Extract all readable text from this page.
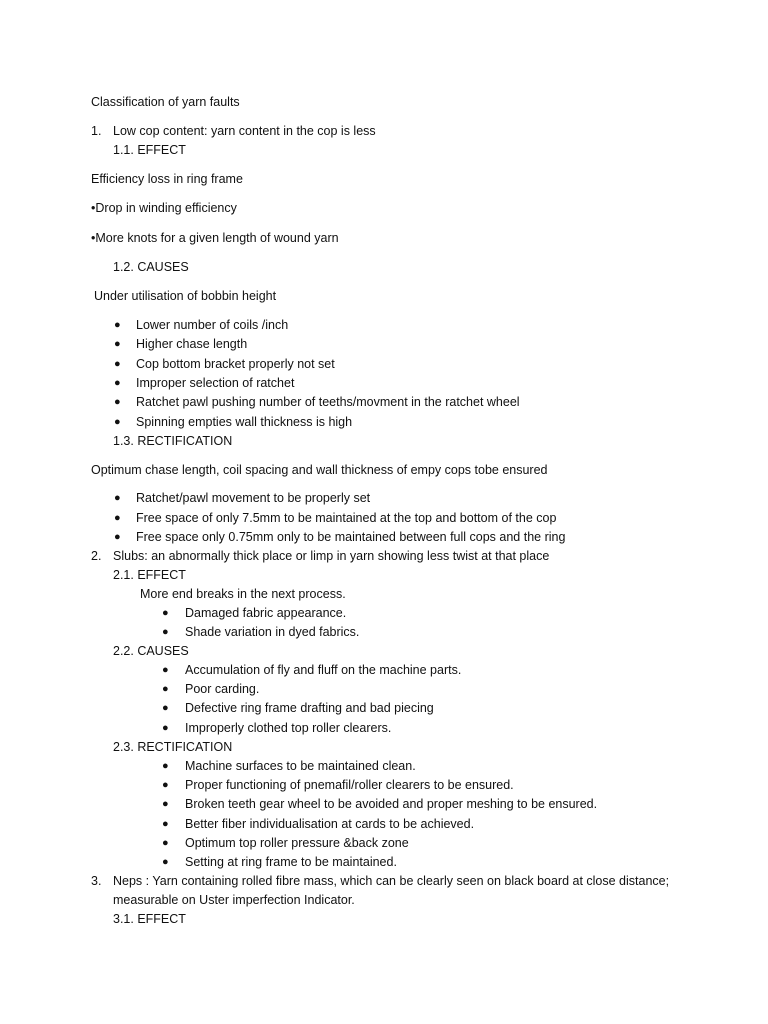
Classification of yarn faults
1. Low cop content: yarn content in the cop is less
1.1. EFFECT
Efficiency loss in ring frame
•Drop in winding efficiency
•More knots for a given length of wound yarn
1.2. CAUSES
Under utilisation of bobbin height
● Lower number of coils /inch
● Higher chase length
● Cop bottom bracket properly not set
● Improper selection of ratchet
● Ratchet pawl pushing number of teeths/movment in the ratchet wheel
● Spinning empties wall thickness is high
1.3. RECTIFICATION
Optimum chase length, coil spacing and wall thickness of empy cops tobe ensured
● Ratchet/pawl movement to be properly set
● Free space of only 7.5mm to be maintained at the top and bottom of the cop
● Free space only 0.75mm only to be maintained between full cops and the ring
2. Slubs: an abnormally thick place or limp in yarn showing less twist at that place
2.1. EFFECT
More end breaks in the next process.
● Damaged fabric appearance.
● Shade variation in dyed fabrics.
2.2. CAUSES
● Accumulation of fly and fluff on the machine parts.
● Poor carding.
● Defective ring frame drafting and bad piecing
● Improperly clothed top roller clearers.
2.3. RECTIFICATION
● Machine surfaces to be maintained clean.
● Proper functioning of pnemafil/roller clearers to be ensured.
● Broken teeth gear wheel to be avoided and proper meshing to be ensured.
● Better fiber individualisation at cards to be achieved.
● Optimum top roller pressure &back zone
● Setting at ring frame to be maintained.
3. Neps : Yarn containing rolled fibre mass, which can be clearly seen on black board at close distance;
measurable on Uster imperfection Indicator.
3.1. EFFECT
